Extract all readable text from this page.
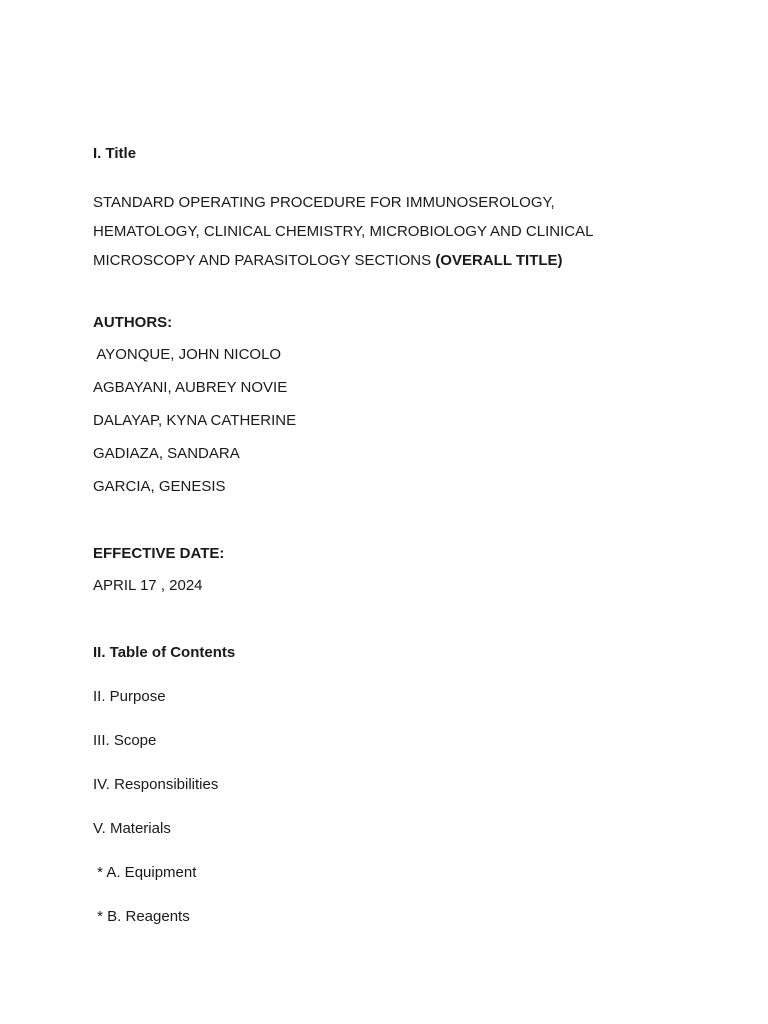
I. Title
STANDARD OPERATING PROCEDURE FOR IMMUNOSEROLOGY, HEMATOLOGY, CLINICAL CHEMISTRY, MICROBIOLOGY AND CLINICAL MICROSCOPY AND PARASITOLOGY SECTIONS (OVERALL TITLE)
AUTHORS:
AYONQUE, JOHN NICOLO
AGBAYANI, AUBREY NOVIE
DALAYAP, KYNA CATHERINE
GADIAZA, SANDARA
GARCIA, GENESIS
EFFECTIVE DATE:
APRIL 17 , 2024
II. Table of Contents
II. Purpose
III. Scope
IV. Responsibilities
V. Materials
* A. Equipment
* B. Reagents
